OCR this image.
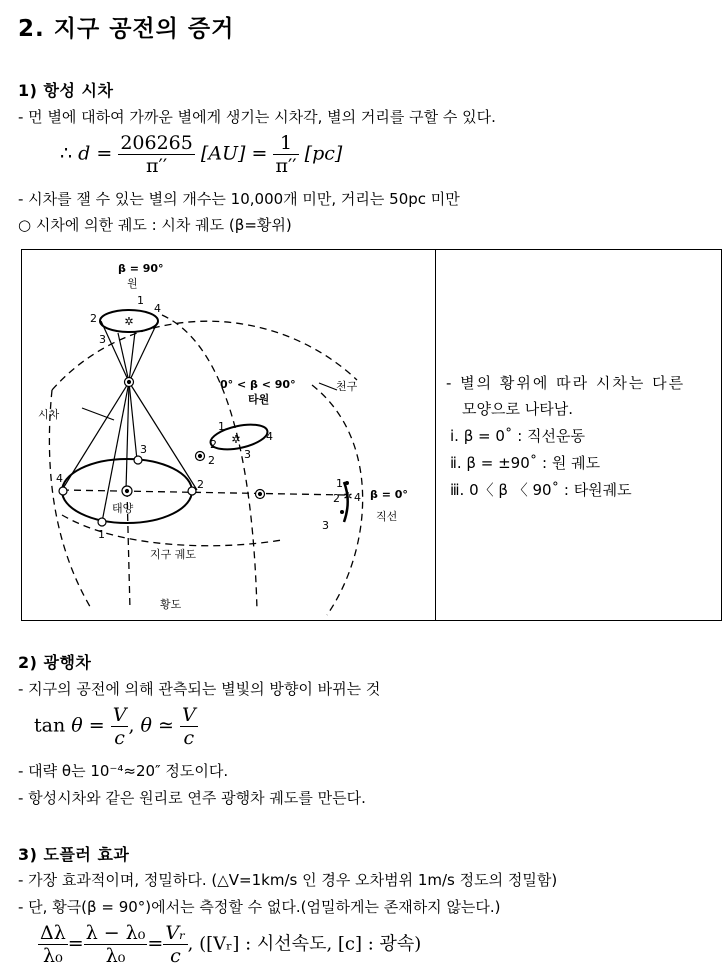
2. 지구 공전의 증거
1) 항성 시차
- 먼 별에 대하여 가까운 별에게 생기는 시차각, 별의 거리를 구할 수 있다.
∴ $d = \frac{206265}{\pi''} [AU] = \frac{1}{\pi''} [pc]$
- 시차를 잴 수 있는 별의 개수는 10,000개 미만, 거리는 50pc 미만
○ 시차에 의한 궤도 : 시차 궤도 (β=황위)
✲
✲
✲
β = 90°
원
1
4
2
3
0° < β < 90°
타원
천구
시차
1
4
2
3
2
3
4	2
1
태양
지구 궤도
황도
1
2 4
3
β = 0°
직선
- 별의 황위에 따라 시차는 다른
모양으로 나타남.
ⅰ. β = 0˚ : 직선운동
ⅱ. β = ±90˚ : 원 궤도
ⅲ. 0〈 β 〈 90˚ : 타원궤도
2) 광행차
- 지구의 공전에 의해 관측되는 별빛의 방향이 바뀌는 것
$\tan \theta = \frac{V}{c}$ , θ ≃ $\frac{V}{c}$
- 대략 θ는 10⁻⁴≈20″ 정도이다.
- 항성시차와 같은 원리로 연주 광행차 궤도를 만든다.
3) 도플러 효과
- 가장 효과적이며, 정밀하다. (△V=1km/s 인 경우 오차범위 1m/s 정도의 정밀함)
- 단, 황극(β = 90°)에서는 측정할 수 없다.(엄밀하게는 존재하지 않는다.)
$\frac{\Delta\lambda}{\text{λ₀}} = \frac{\text{λ − λ₀}}{\text{λ₀}} = \frac{\text{Vᵣ}}{c}$ , ([Vᵣ] : 시선속도, [c] : 광속)
